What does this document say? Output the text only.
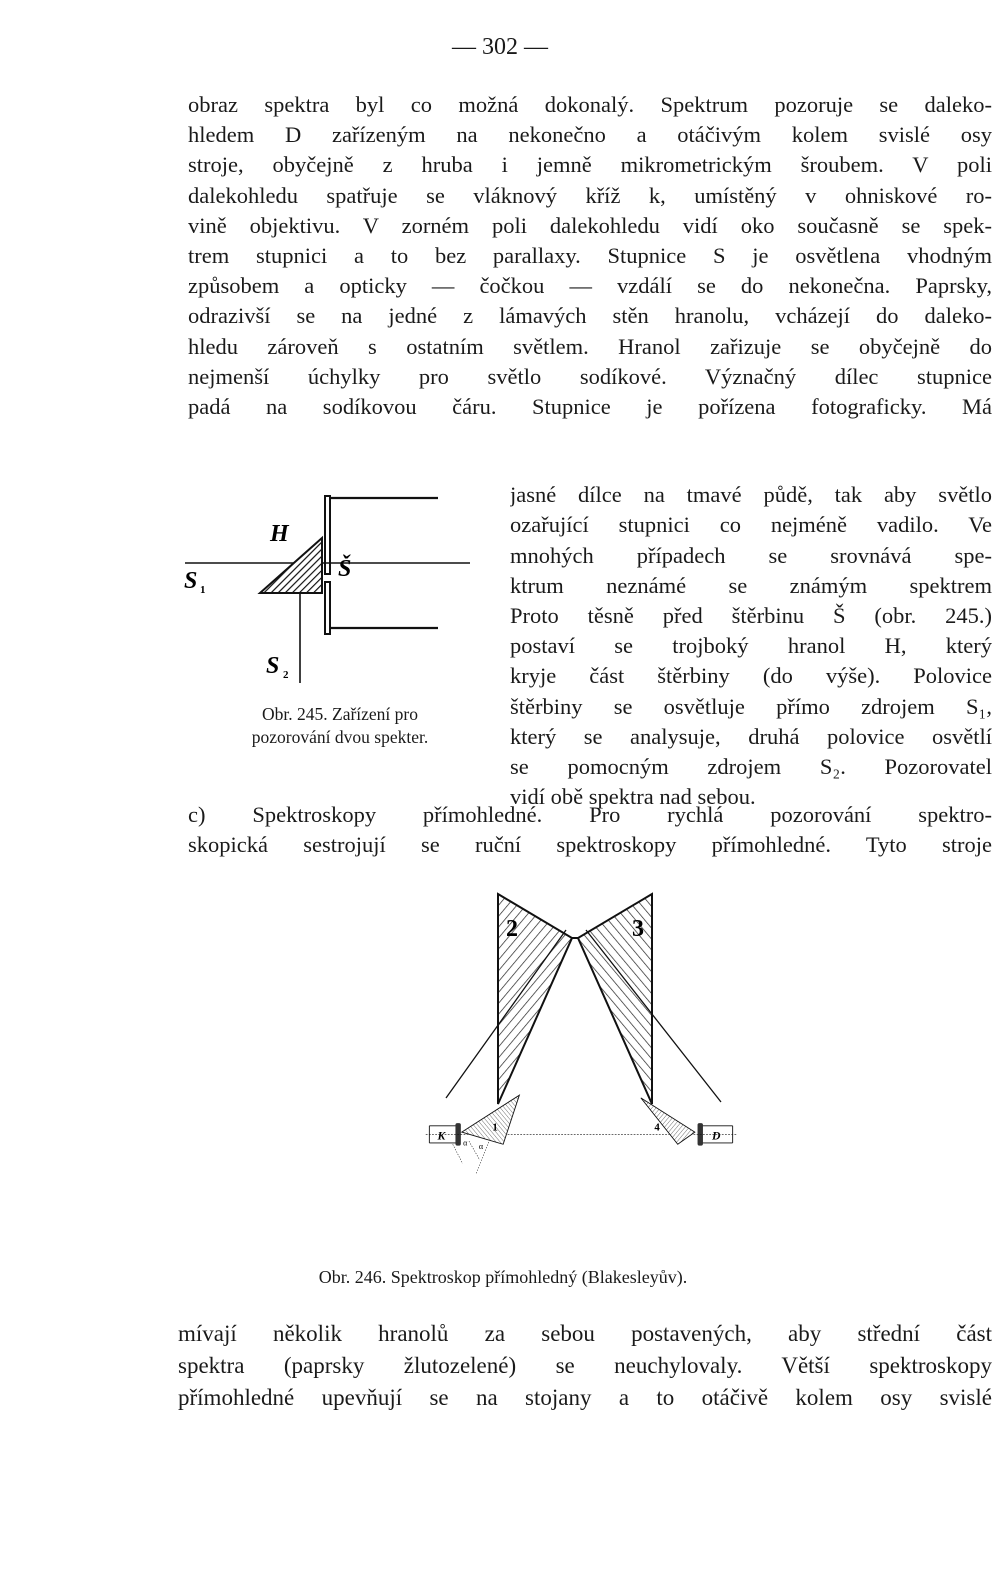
— 302 —
obraz spektra byl co možná dokonalý. Spektrum pozoruje se daleko-
hledem D zařízeným na nekonečno a otáčivým kolem svislé osy
stroje, obyčejně z hruba i jemně mikrometrickým šroubem. V poli
dalekohledu spatřuje se vláknový kříž k, umístěný v ohniskové ro-
vině objektivu. V zorném poli dalekohledu vidí oko současně se spek-
trem stupnici a to bez parallaxy. Stupnice S je osvětlena vhodným
způsobem a opticky — čočkou — vzdálí se do nekonečna. Paprsky,
odrazivší se na jedné z lámavých stěn hranolu, vcházejí do daleko-
hledu zároveň s ostatním světlem. Hranol zařizuje se obyčejně do
nejmenší úchylky pro světlo sodíkové. Význačný dílec stupnice
padá na sodíkovou čáru. Stupnice je pořízena fotograficky. Má
jasné dílce na tmavé půdě, tak aby světlo
ozařující stupnici co nejméně vadilo. Ve
mnohých případech se srovnává spe-
ktrum neznámé se známým spektrem
Proto těsně před štěrbinu Š (obr. 245.)
postaví se trojboký hranol H, který
kryje část štěrbiny (do výše). Polovice
štěrbiny se osvětluje přímo zdrojem S₁,
který se analysuje, druhá polovice osvětlí
se pomocným zdrojem S₂. Pozorovatel
vidí obě spektra nad sebou.
H
Š
S 1
S 2
Obr. 245. Zařízení pro
pozorování dvou spekter.
c) Spektroskopy přímohledné. Pro rychlá pozorování spektro-
skopická sestrojují se ruční spektroskopy přímohledné. Tyto stroje
K	D
1	4
α α
2	3
Obr. 246. Spektroskop přímohledný (Blakesleyův).
mívají několik hranolů za sebou postavených, aby střední část
spektra (paprsky žlutozelené) se neuchylovaly. Větší spektroskopy
přímohledné upevňují se na stojany a to otáčivě kolem osy svislé
